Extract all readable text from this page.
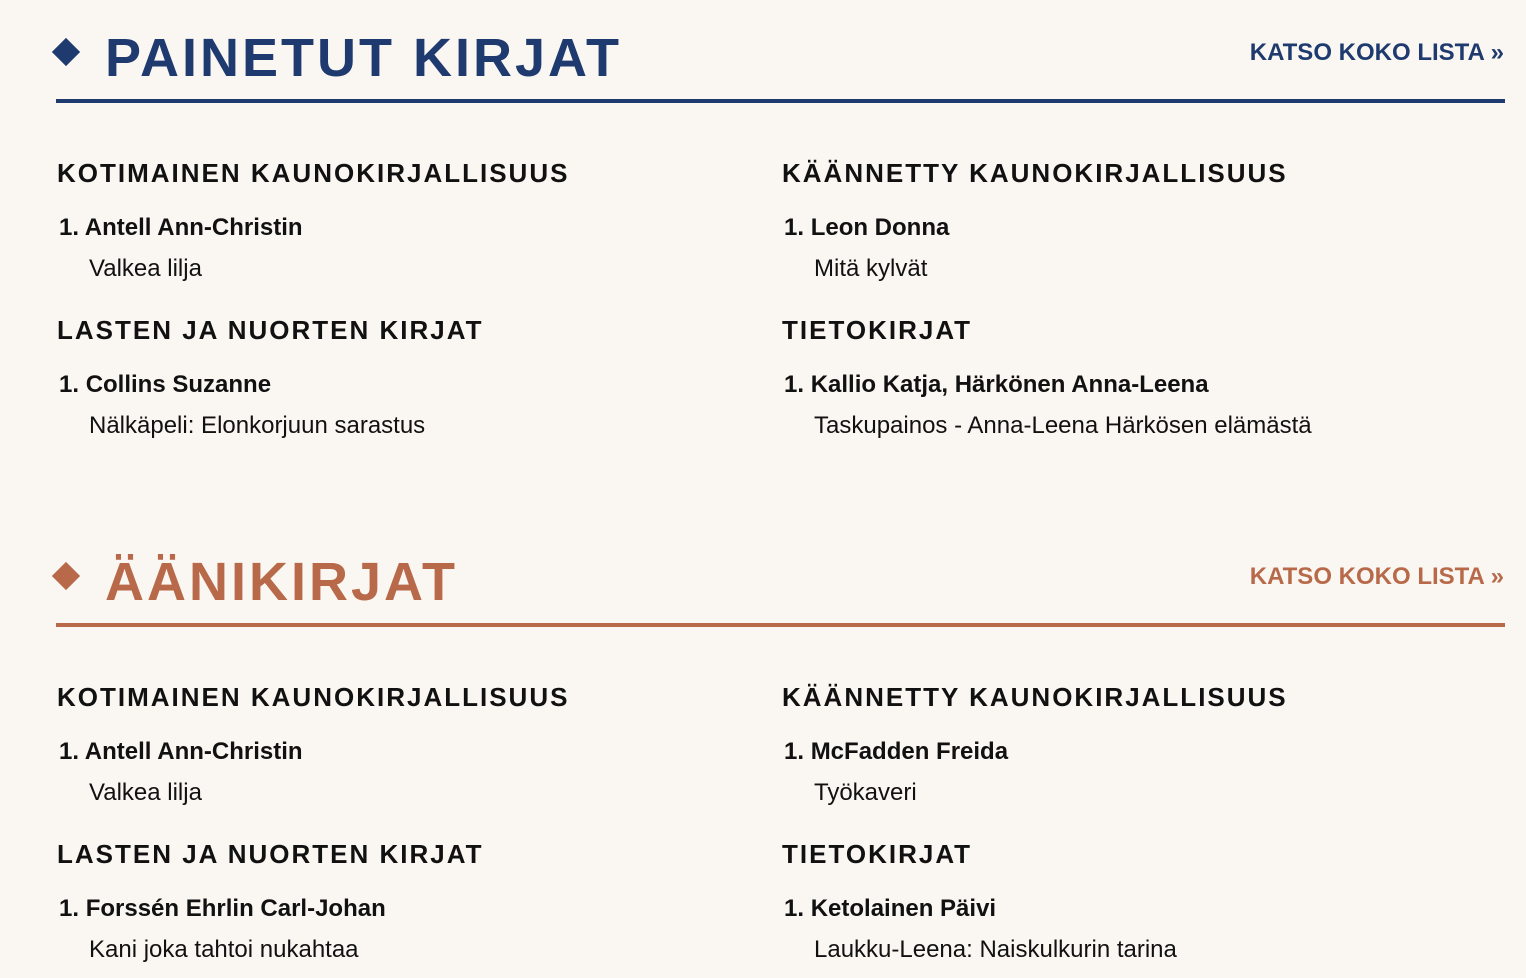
PAINETUT KIRJAT	KATSO KOKO LISTA »
KOTIMAINEN KAUNOKIRJALLISUUS
1. Antell Ann-Christin
Valkea lilja
KÄÄNNETTY KAUNOKIRJALLISUUS
1. Leon Donna
Mitä kylvät
LASTEN JA NUORTEN KIRJAT
1. Collins Suzanne
Nälkäpeli: Elonkorjuun sarastus
TIETOKIRJAT
1. Kallio Katja, Härkönen Anna-Leena
Taskupainos - Anna-Leena Härkösen elämästä
ÄÄNIKIRJAT	KATSO KOKO LISTA »
KOTIMAINEN KAUNOKIRJALLISUUS
1. Antell Ann-Christin
Valkea lilja
KÄÄNNETTY KAUNOKIRJALLISUUS
1. McFadden Freida
Työkaveri
LASTEN JA NUORTEN KIRJAT
1. Forssén Ehrlin Carl-Johan
Kani joka tahtoi nukahtaa
TIETOKIRJAT
1. Ketolainen Päivi
Laukku-Leena: Naiskulkurin tarina
